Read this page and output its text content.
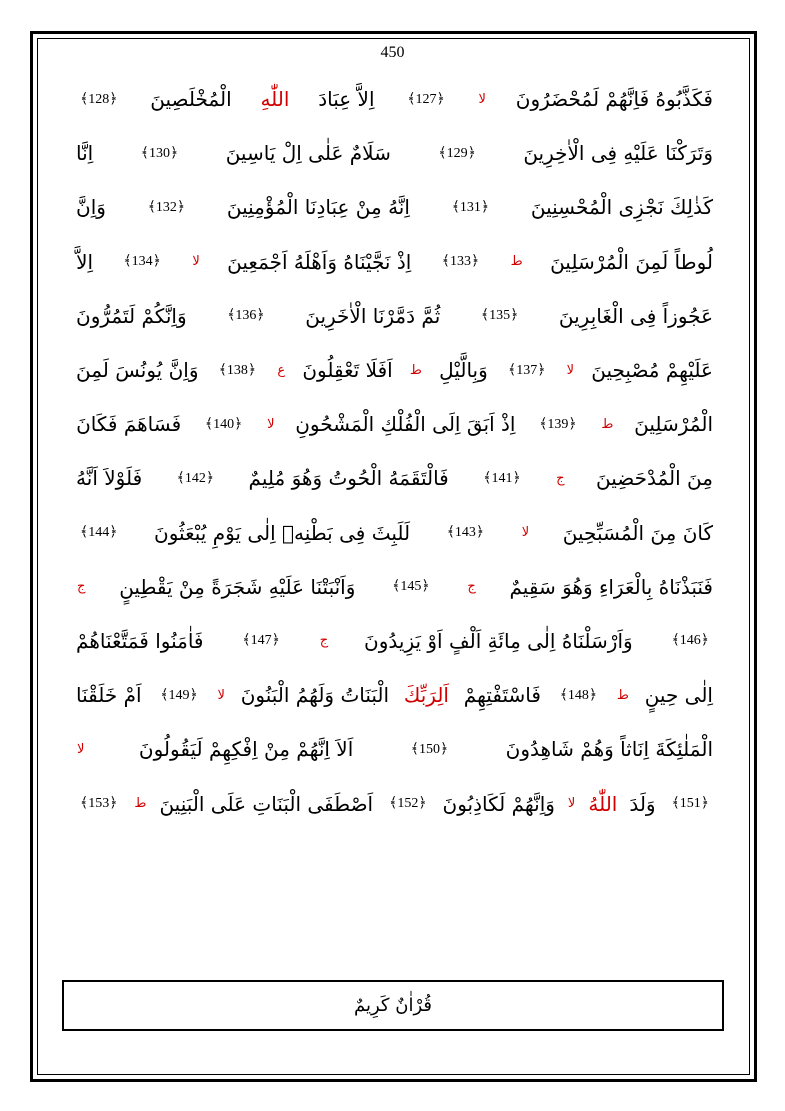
450
فَكَذَّبُوهُ فَاِنَّهُمْ لَمُحْضَرُونَ
لا
﴾127﴿
اِلاَّ عِبَادَ
اللّٰهِ
الْمُخْلَصِينَ
﴾128﴿
وَتَرَكْنَا عَلَيْهِ فِى الْاٰخِرِينَ
﴾129﴿
سَلَامٌ عَلٰى اِلْ يَاسِينَ
﴾130﴿
اِنَّا
كَذٰلِكَ نَجْزِى الْمُحْسِنِينَ
﴾131﴿
اِنَّهُ مِنْ عِبَادِنَا الْمُؤْمِنِينَ
﴾132﴿
وَاِنَّ
لُوطاً لَمِنَ الْمُرْسَلِينَ
ط
﴾133﴿
اِذْ نَجَّيْنَاهُ وَاَهْلَهُ اَجْمَعِينَ
لا
﴾134﴿
اِلاَّ
عَجُوزاً فِى الْغَابِرِينَ
﴾135﴿
ثُمَّ دَمَّرْنَا الْاٰخَرِينَ
﴾136﴿
وَاِنَّكُمْ لَتَمُرُّونَ
عَلَيْهِمْ مُصْبِحِينَ
لا
﴾137﴿
وَبِالَّيْلِ
ط
اَفَلَا تَعْقِلُونَ
ع
﴾138﴿
وَاِنَّ يُونُسَ لَمِنَ
الْمُرْسَلِينَ
ط
﴾139﴿
اِذْ اَبَقَ اِلَى الْفُلْكِ الْمَشْحُونِ
لا
﴾140﴿
فَسَاهَمَ فَكَانَ
مِنَ الْمُدْحَضِينَ
ج
﴾141﴿
فَالْتَقَمَهُ الْحُوتُ وَهُوَ مُلِيمٌ
﴾142﴿
فَلَوْلاَ اَنَّهُ
كَانَ مِنَ الْمُسَبِّحِينَ
لا
﴾143﴿
لَلَبِثَ فِى بَطْنِهٖ اِلٰى يَوْمِ يُبْعَثُونَ
﴾144﴿
فَنَبَذْنَاهُ بِالْعَرَاءِ وَهُوَ سَقِيمٌ
ج
﴾145﴿
وَاَنْبَتْنَا عَلَيْهِ شَجَرَةً مِنْ يَقْطِينٍ
ج
﴾146﴿
وَاَرْسَلْنَاهُ اِلٰى مِائَةِ اَلْفٍ اَوْ يَزِيدُونَ
ج
﴾147﴿
فَاٰمَنُوا فَمَتَّعْنَاهُمْ
اِلٰى حِينٍ
ط
﴾148﴿
فَاسْتَفْتِهِمْ
اَلِرَبِّكَ
الْبَنَاتُ وَلَهُمُ الْبَنُونَ
لا
﴾149﴿
اَمْ خَلَقْنَا
الْمَلٰئِكَةَ اِنَاثاً وَهُمْ شَاهِدُونَ
﴾150﴿
اَلاَ اِنَّهُمْ مِنْ اِفْكِهِمْ لَيَقُولُونَ
لا
﴾151﴿
وَلَدَ
اللّٰهُ
لا
وَاِنَّهُمْ لَكَاذِبُونَ
﴾152﴿
اَصْطَفَى الْبَنَاتِ عَلَى الْبَنِينَ
ط
﴾153﴿
قُرْاٰنٌ كَرِيمٌ
